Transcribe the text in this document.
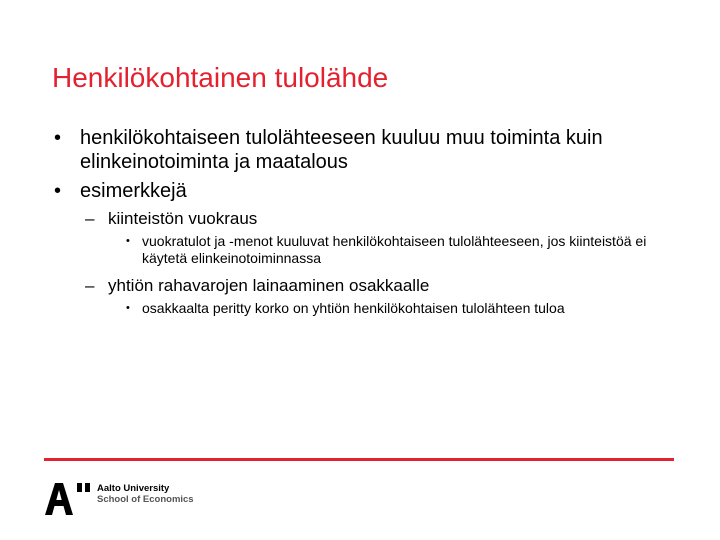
Henkilökohtainen tulolähde
• henkilökohtaiseen tulolähteeseen kuuluu muu toiminta kuin elinkeinotoiminta ja maatalous
• esimerkkejä
– kiinteistön vuokraus
• vuokratulot ja -menot kuuluvat henkilökohtaiseen tulolähteeseen, jos kiinteistöä ei käytetä elinkeinotoiminnassa
– yhtiön rahavarojen lainaaminen osakkaalle
• osakkaalta peritty korko on yhtiön henkilökohtaisen tulolähteen tuloa
Aalto University
School of Economics
